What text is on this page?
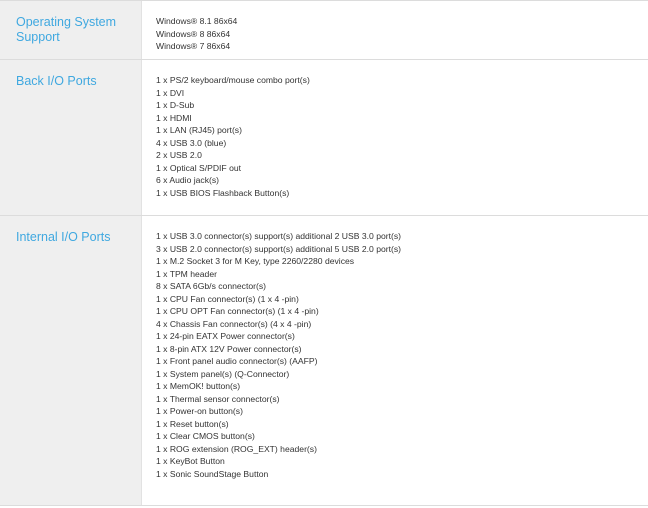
Operating System Support
Windows® 8.1 86x64
Windows® 8 86x64
Windows® 7 86x64
Back I/O Ports	1 x PS/2 keyboard/mouse combo port(s)
1 x DVI
1 x D-Sub
1 x HDMI
1 x LAN (RJ45) port(s)
4 x USB 3.0 (blue)
2 x USB 2.0
1 x Optical S/PDIF out
6 x Audio jack(s)
1 x USB BIOS Flashback Button(s)
Internal I/O Ports	1 x USB 3.0 connector(s) support(s) additional 2 USB 3.0 port(s)
3 x USB 2.0 connector(s) support(s) additional 5 USB 2.0 port(s)
1 x M.2 Socket 3 for M Key, type 2260/2280 devices
1 x TPM header
8 x SATA 6Gb/s connector(s)
1 x CPU Fan connector(s) (1 x 4 -pin)
1 x CPU OPT Fan connector(s) (1 x 4 -pin)
4 x Chassis Fan connector(s) (4 x 4 -pin)
1 x 24-pin EATX Power connector(s)
1 x 8-pin ATX 12V Power connector(s)
1 x Front panel audio connector(s) (AAFP)
1 x System panel(s) (Q-Connector)
1 x MemOK! button(s)
1 x Thermal sensor connector(s)
1 x Power-on button(s)
1 x Reset button(s)
1 x Clear CMOS button(s)
1 x ROG extension (ROG_EXT) header(s)
1 x KeyBot Button
1 x Sonic SoundStage Button
